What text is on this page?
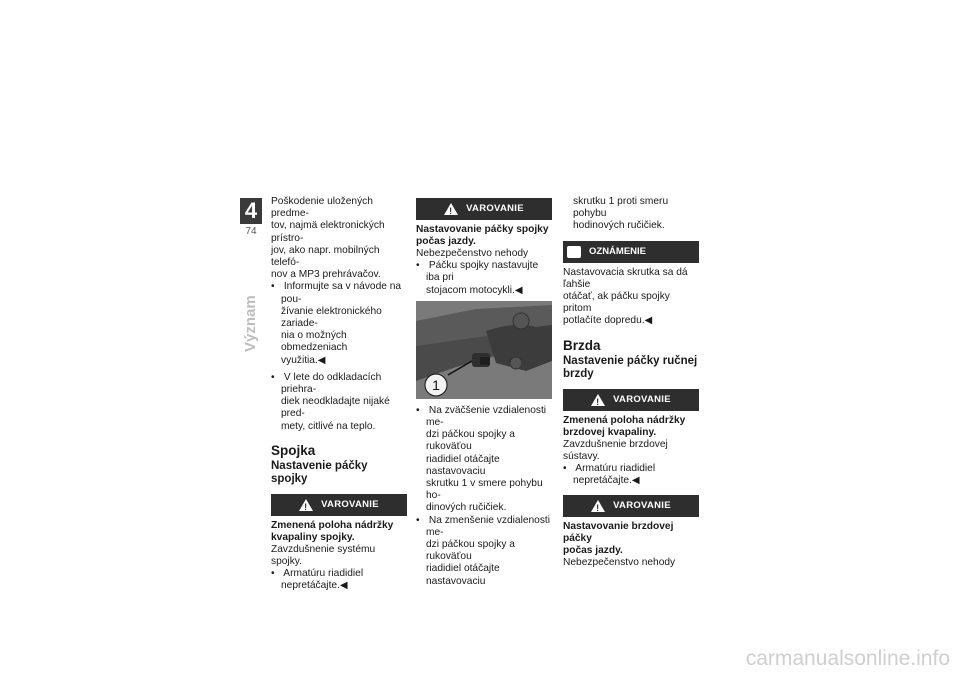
4
74
Význam

Poškodenie uložených predme-
tov, najmä elektronických prístro-
jov, ako napr. mobilných telefó-
nov a MP3 prehrávačov.

• Informujte sa v návode na pou-
žívanie elektronického zariade-
nia o možných obmedzeniach
využitia.◀

• V lete do odkladacích priehra-
diek neodkladajte nijaké pred-
mety, citlivé na teplo.

Spojka
Nastavenie páčky spojky
! VAROVANIE

Zmenená poloha nádržky
kvapaliny spojky.

Zavzdušnenie systému spojky.

• Armatúru riadidiel
nepretáčajte.◀

! VAROVANIE

Nastavovanie páčky spojky
počas jazdy.

Nebezpečenstvo nehody

• Páčku spojky nastavujte iba pri
stojacom motocykli.◀

1

• Na zväčšenie vzdialenosti me-
dzi páčkou spojky a rukoväťou
riadidiel otáčajte nastavovaciu
skrutku 1 v smere pohybu ho-
dinových ručičiek.

• Na zmenšenie vzdialenosti me-
dzi páčkou spojky a rukoväťou
riadidiel otáčajte nastavovaciu

skrutku 1 proti smeru pohybu
hodinových ručičiek.

OZNÁMENIE

Nastavovacia skrutka sa dá ľahšie
otáčať, ak páčku spojky pritom
potlačíte dopredu.◀

Brzda
Nastavenie páčky ručnej
brzdy
! VAROVANIE

Zmenená poloha nádržky
brzdovej kvapaliny.

Zavzdušnenie brzdovej sústavy.

• Armatúru riadidiel
nepretáčajte.◀

! VAROVANIE

Nastavovanie brzdovej páčky
počas jazdy.

Nebezpečenstvo nehody

carmanualsonline.info
